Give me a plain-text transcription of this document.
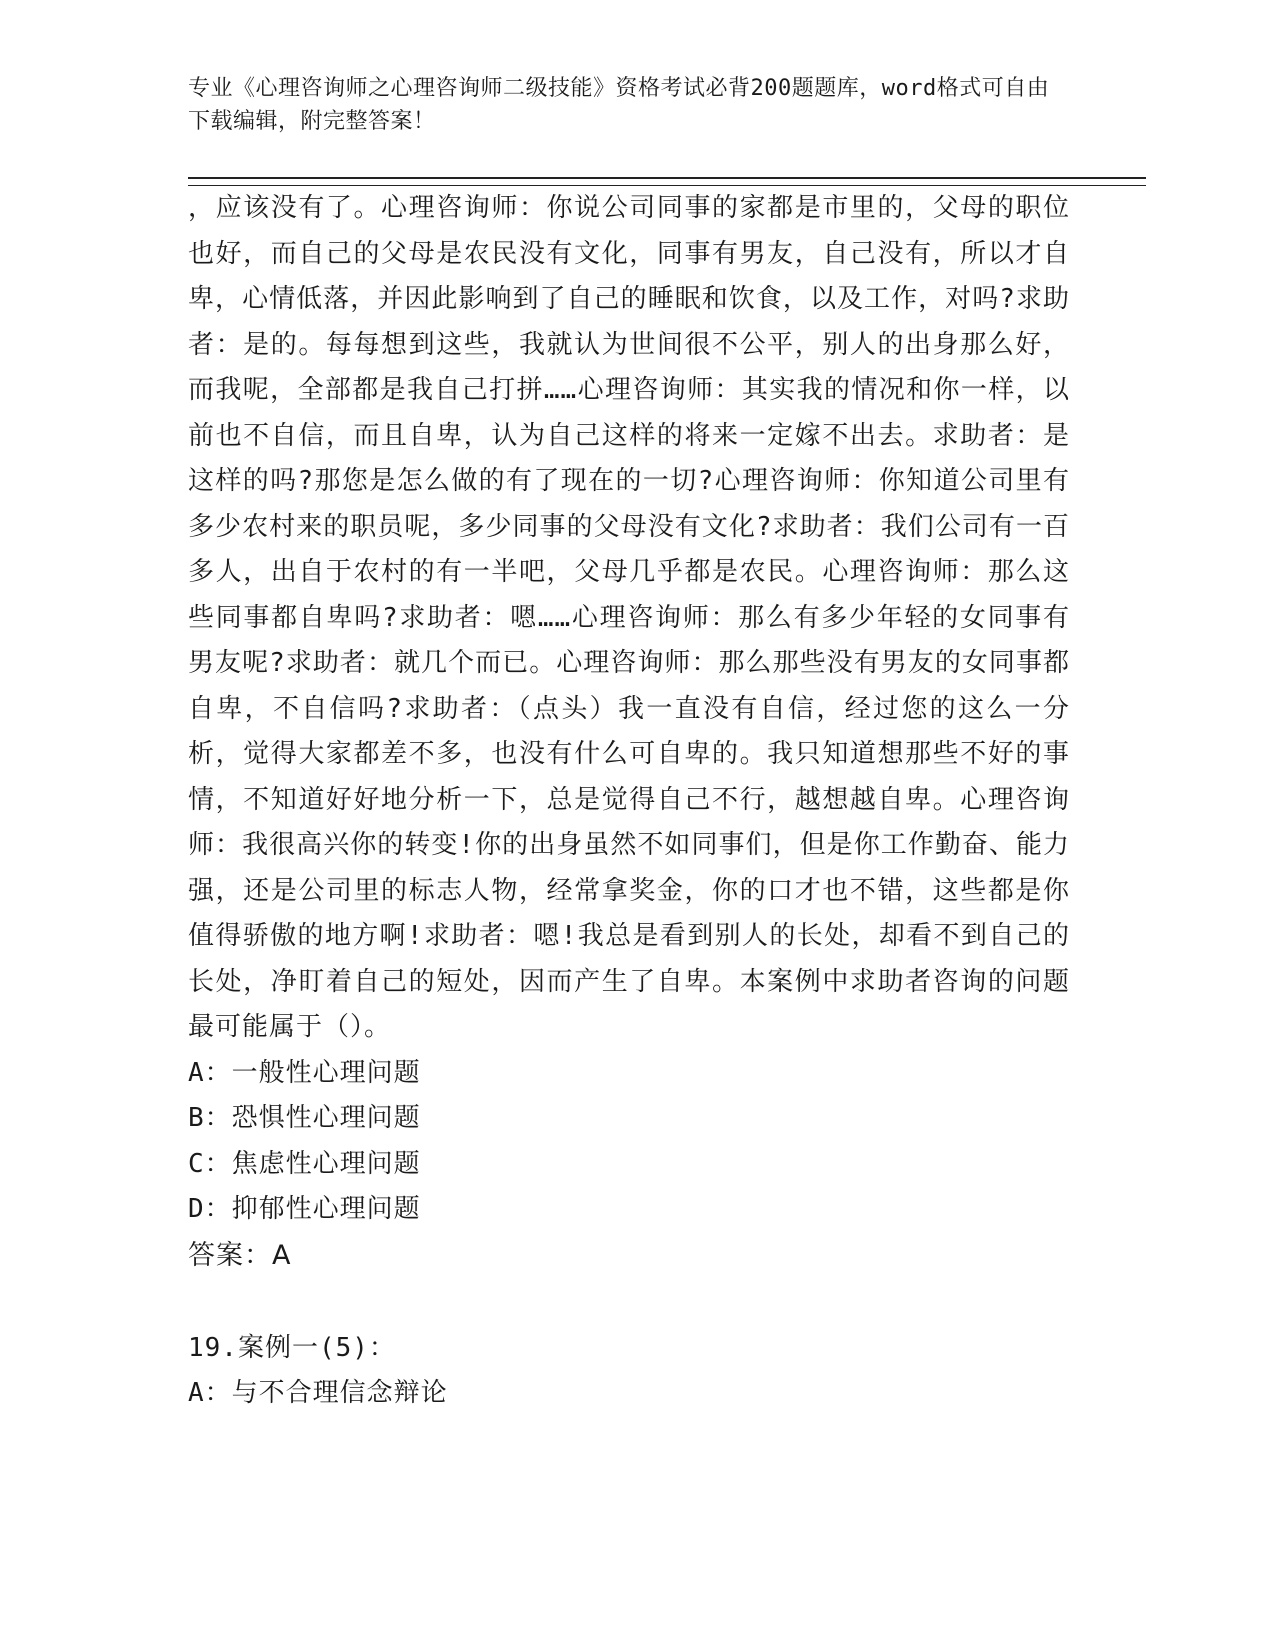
专业《心理咨询师之心理咨询师二级技能》资格考试必背200题题库，word格式可自由下载编辑，附完整答案！

，应该没有了。心理咨询师：你说公司同事的家都是市里的，父母的职位也好，而自己的父母是农民没有文化，同事有男友，自己没有，所以才自卑，心情低落，并因此影响到了自己的睡眠和饮食，以及工作，对吗?求助者：是的。每每想到这些，我就认为世间很不公平，别人的出身那么好，而我呢，全部都是我自己打拼……心理咨询师：其实我的情况和你一样，以前也不自信，而且自卑，认为自己这样的将来一定嫁不出去。求助者：是这样的吗?那您是怎么做的有了现在的一切?心理咨询师：你知道公司里有多少农村来的职员呢，多少同事的父母没有文化?求助者：我们公司有一百多人，出自于农村的有一半吧，父母几乎都是农民。心理咨询师：那么这些同事都自卑吗?求助者：嗯……心理咨询师：那么有多少年轻的女同事有男友呢?求助者：就几个而已。心理咨询师：那么那些没有男友的女同事都自卑，不自信吗?求助者：（点头）我一直没有自信，经过您的这么一分析，觉得大家都差不多，也没有什么可自卑的。我只知道想那些不好的事情，不知道好好地分析一下，总是觉得自己不行，越想越自卑。心理咨询师：我很高兴你的转变!你的出身虽然不如同事们，但是你工作勤奋、能力强，还是公司里的标志人物，经常拿奖金，你的口才也不错，这些都是你值得骄傲的地方啊!求助者：嗯!我总是看到别人的长处，却看不到自己的长处，净盯着自己的短处，因而产生了自卑。本案例中求助者咨询的问题最可能属于（）。

A：一般性心理问题
B：恐惧性心理问题
C：焦虑性心理问题
D：抑郁性心理问题
答案：A
19.案例一(5)：
A：与不合理信念辩论
